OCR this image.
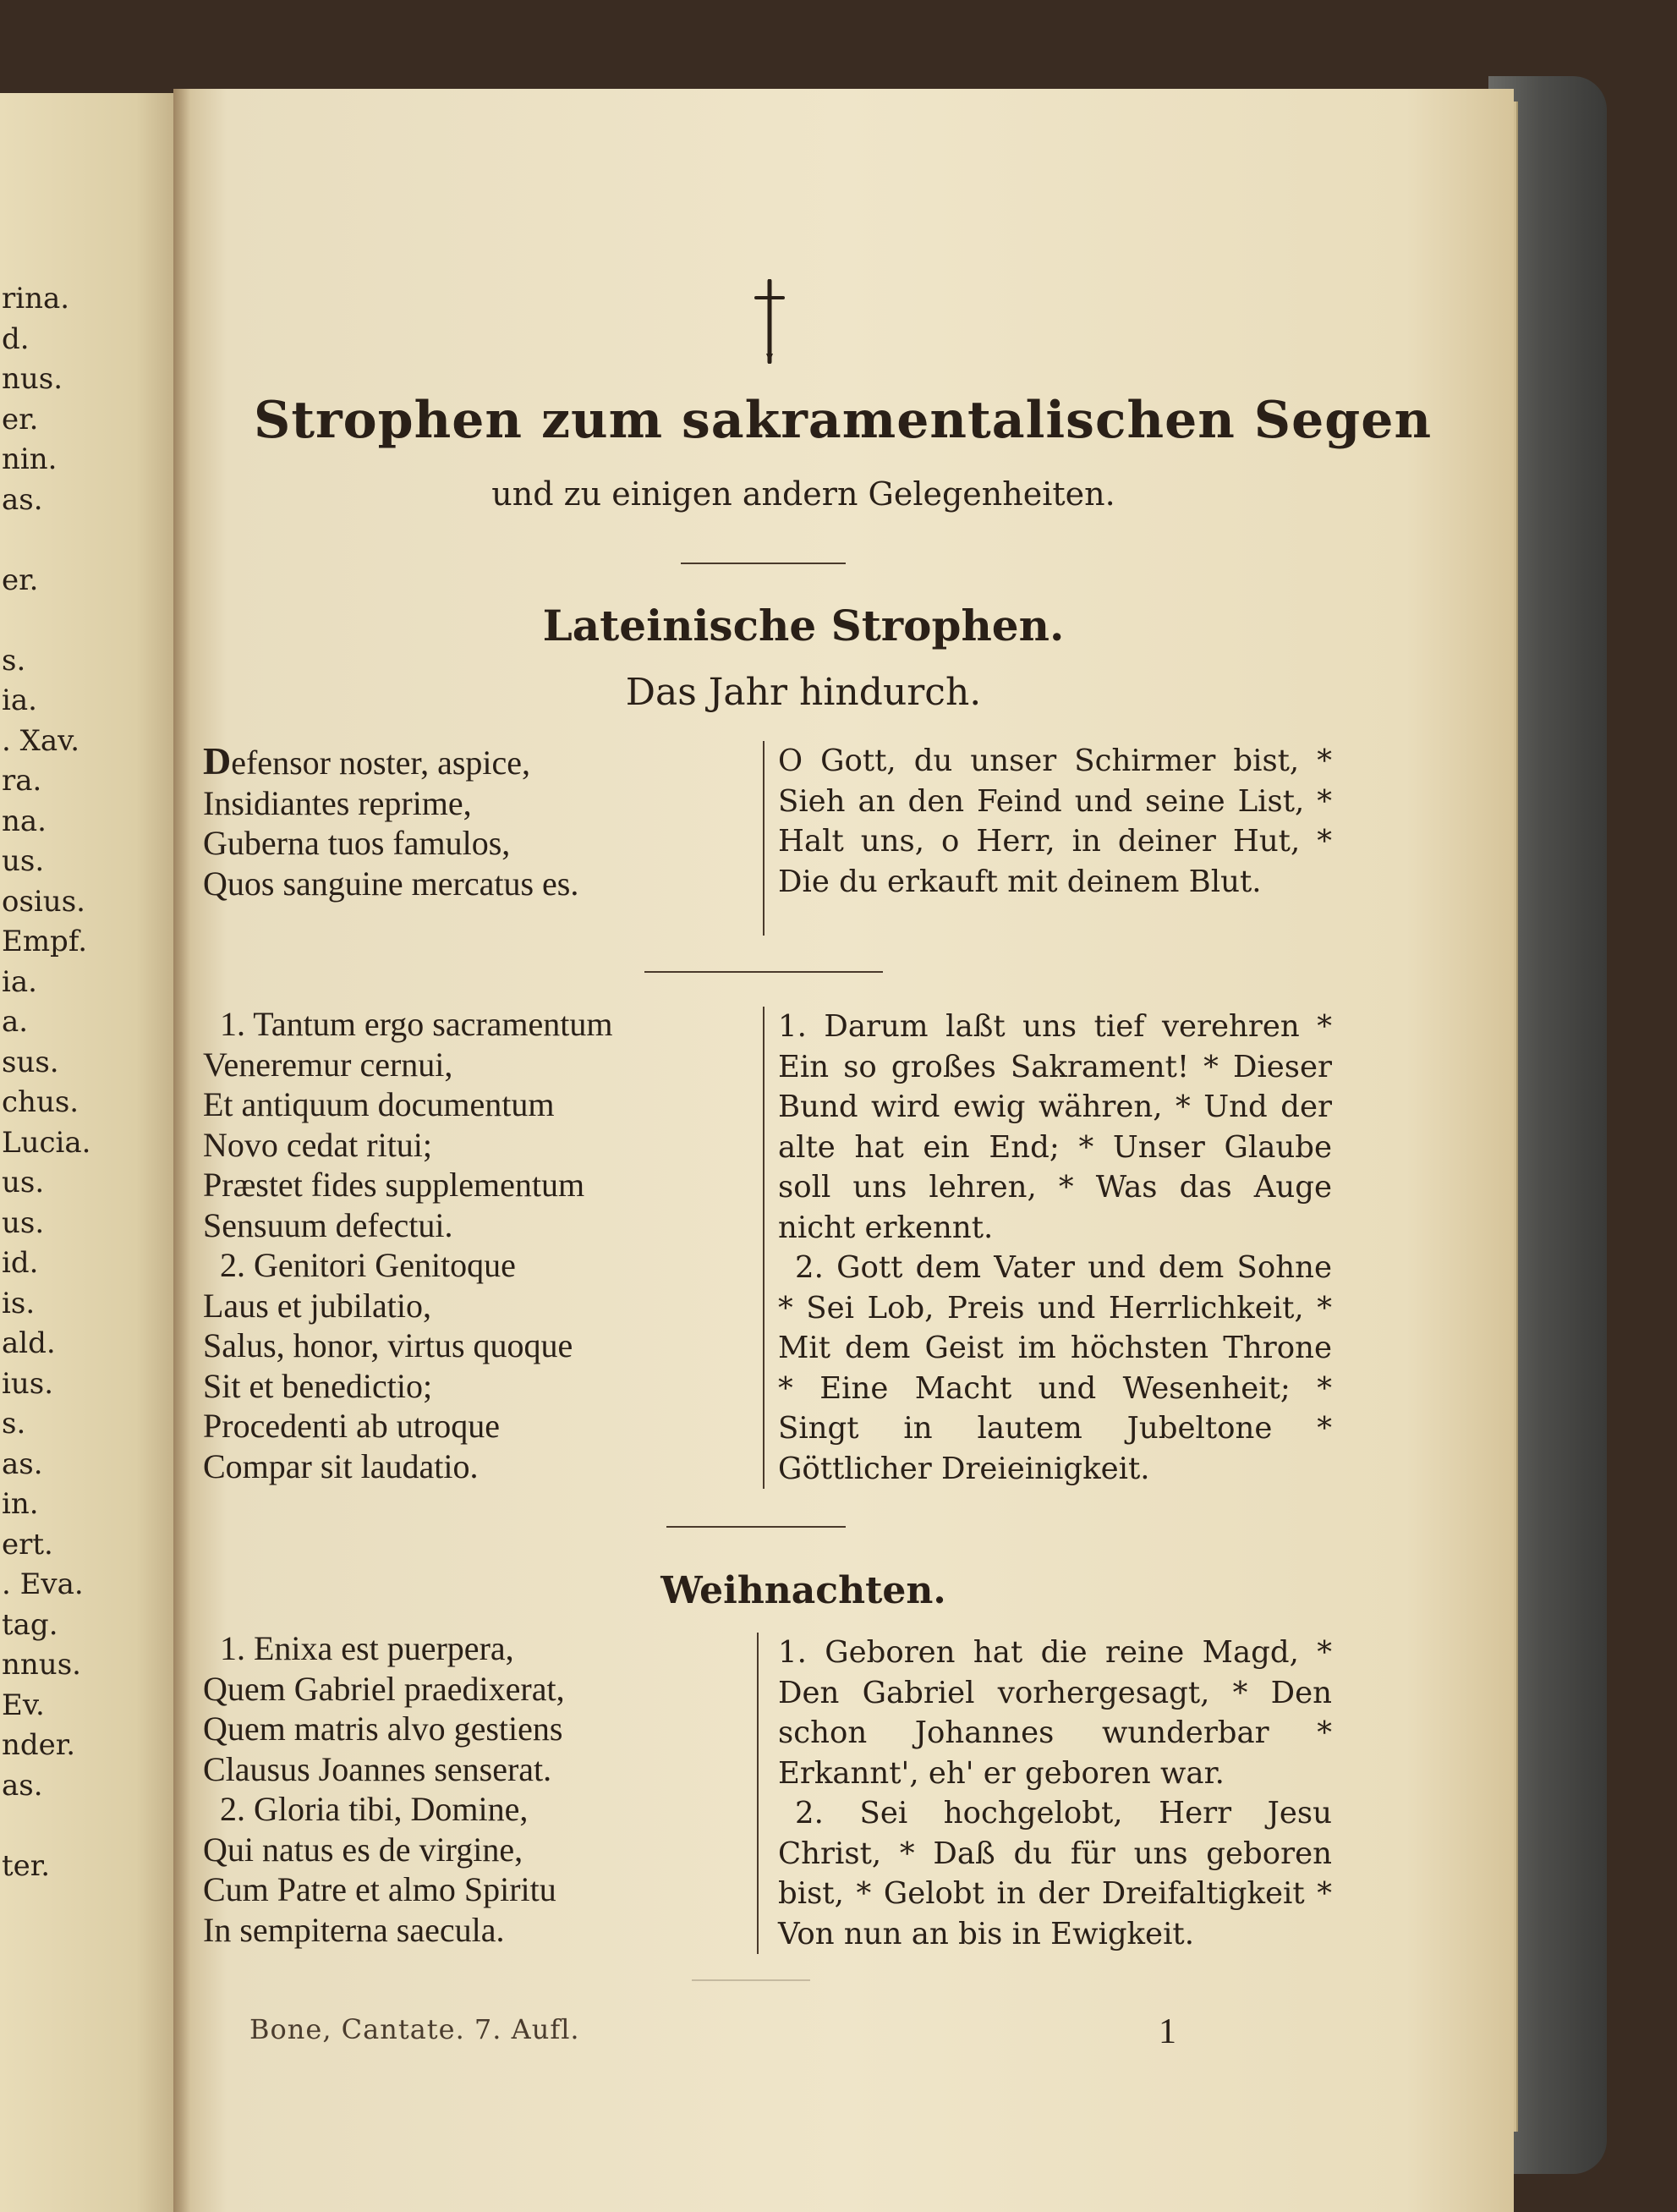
rina.
d.
nus.
er.
nin.
as.

er.

s.
ia.
. Xav.
ra.
na.
us.
osius.
Empf.
ia.
a.
sus.
chus.
Lucia.
us.
us.
id.
is.
ald.
ius.
s.
as.
in.
ert.
. Eva.
tag.
nnus.
Ev.
nder.
as.

ter.
Strophen zum sakramentalischen Segen
und zu einigen andern Gelegenheiten.
Lateinische Strophen.
Das Jahr hindurch.
Defensor noster, aspice,
Insidiantes reprime,
Guberna tuos famulos,
Quos sanguine mercatus es.

O Gott, du unser Schirmer bist, * Sieh an den Feind und seine List, * Halt uns, o Herr, in deiner Hut, * Die du erkauft mit deinem Blut.

1. Tantum ergo sacramentum
Veneremur cernui,
Et antiquum documentum
Novo cedat ritui;
Præstet fides supplementum
Sensuum defectui.
2. Genitori Genitoque
Laus et jubilatio,
Salus, honor, virtus quoque
Sit et benedictio;
Procedenti ab utroque
Compar sit laudatio.

1. Darum laßt uns tief verehren * Ein so großes Sakrament! * Dieser Bund wird ewig währen, * Und der alte hat ein End; * Unser Glaube soll uns lehren, * Was das Auge nicht erkennt.

2. Gott dem Vater und dem Sohne * Sei Lob, Preis und Herrlichkeit, * Mit dem Geist im höchsten Throne * Eine Macht und Wesenheit; * Singt in lautem Jubeltone * Göttlicher Dreieinigkeit.

Weihnachten.
1. Enixa est puerpera,
Quem Gabriel praedixerat,
Quem matris alvo gestiens
Clausus Joannes senserat.
2. Gloria tibi, Domine,
Qui natus es de virgine,
Cum Patre et almo Spiritu
In sempiterna saecula.

1. Geboren hat die reine Magd, * Den Gabriel vorhergesagt, * Den schon Johannes wunderbar * Erkannt', eh' er geboren war.

2. Sei hochgelobt, Herr Jesu Christ, * Daß du für uns geboren bist, * Gelobt in der Dreifaltigkeit * Von nun an bis in Ewigkeit.

Bone, Cantate. 7. Aufl.	1
